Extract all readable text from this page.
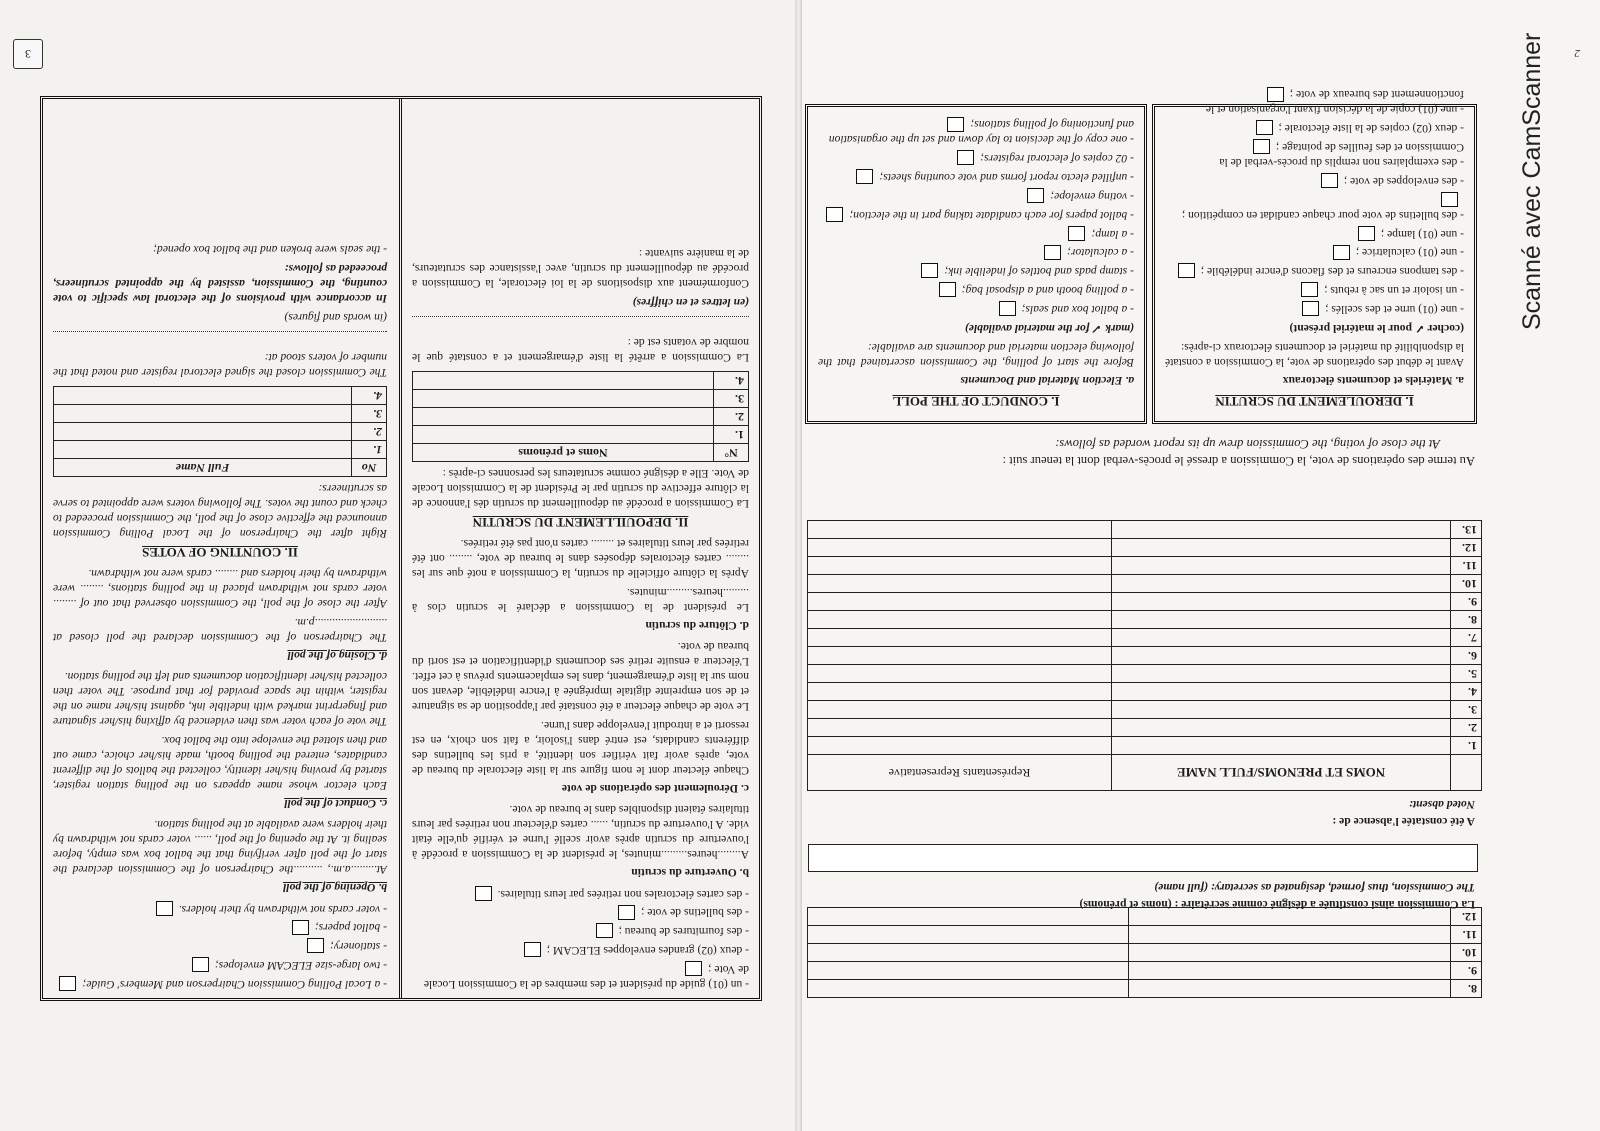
2
8.		
9.		
10.		
11.		
12.		
La Commission ainsi constituée a désigné comme secrétaire : (noms et prénoms)
The Commission, thus formed, designated as secretary: (full name)
A été constatée l'absence de :
Noted absent:
	NOMS ET PRENOMS/FULL NAME	Représentants Representative
1.		
2.		
3.		
4.		
5.		
6.		
7.		
8.		
9.		
10.		
11.		
12.		
13.		
Au terme des opérations de vote, la Commission a dressé le procès-verbal dont la teneur suit :
At the close of voting, the Commission drew up its report worded as follows:
I. DEROULEMENT DU SCRUTIN
a. Matériels et documents électoraux

Avant le début des opérations de vote, la Commission a constaté la disponibilité du matériel et documents électoraux ci-après:

(cocher ✓ pour le matériel présent)

- une (01) urne et des scellés ;
- un isoloir et un sac à rebuts ;
- des tampons encreurs et des flacons d'encre indélébile ;
- une (01) calculatrice ;
- une (01) lampe ;
- des bulletins de vote pour chaque candidat en compétition ;
- des enveloppes de vote ;
- des exemplaires non remplis du procès-verbal de la Commission et des feuilles de pointage ;
- deux (02) copies de la liste électorale ;
- une (01) copie de la décision fixant l'organisation et le fonctionnement des bureaux de vote ;
I. CONDUCT OF THE POLL
a. Election Material and Documents

Before the start of polling, the Commission ascertained that the following election material and documents are available:

(mark ✓ for the material available)

- a ballot box and seals;
- a polling booth and a disposal bag;
- stamp pads and bottles of indelible ink;
- a calculator;
- a lamp;
- ballot papers for each candidate taking part in the election;
- voting envelope;
- unfilled electo report forms and vote counting sheets;
- 02 copies of electoral registers;
- one copy of the decision to lay down and set up the organisation and functioning of polling stations;
3
- un (01) guide du président et des membres de la Commission Locale de Vote ;
- deux (02) grandes enveloppes ELECAM ;
- des fournitures de bureau ;
- des bulletins de vote ;
- des cartes électorales non retirées par leurs titulaires.
b. Ouverture du scrutin

A........heures.........minutes, le président de la Commission a procédé à l'ouverture du scrutin après avoir scellé l'urne et vérifié qu'elle était vide. A l'ouverture du scrutin, ...... cartes d'électeur non retirées par leurs titulaires étaient disponibles dans le bureau de vote.

c. Déroulement des opérations de vote

Chaque électeur dont le nom figure sur la liste électorale du bureau de vote, après avoir fait vérifier son identité, a pris les bulletins des différents candidats, est entré dans l'isoloir, a fait son choix, en est ressorti et a introduit l'enveloppe dans l'urne.

Le vote de chaque électeur a été constaté par l'apposition de sa signature et de son empreinte digitale imprégnée à l'encre indélébile, devant son nom sur la liste d'émargement, dans les emplacements prévus à cet effet. L'électeur a ensuite retiré ses documents d'identification et est sorti du bureau de vote.

d. Clôture du scrutin

Le président de la Commission a déclaré le scrutin clos à .........heures.........minutes.

Après la clôture officielle du scrutin, la Commission a noté que sur les ........ cartes électorales déposées dans le bureau de vote, ........ ont été retirées par leurs titulaires et ........ cartes n'ont pas été retirées.

II. DEPOUILLEMENT DU SCRUTIN

La Commission a procédé au dépouillement du scrutin dès l'annonce de la clôture effective du scrutin par le Président de la Commission Locale de Vote. Elle a désigné comme scrutateurs les personnes ci-après :

N°	Noms et prénoms
1.	
2.	
3.	
4.	

La Commission a arrêté la liste d'émargement et a constaté que le nombre de votants est de :

(en lettres et en chiffres)

Conformément aux dispositions de la loi électorale, la Commission a procédé au dépouillement du scrutin, avec l'assistance des scrutateurs, de la manière suivante :

- a Local Polling Commission Chairperson and Members' Guide;
- two large-size ELECAM envelopes;
- stationery;
- ballot papers;
- voter cards not withdrawn by their holders.
b. Opening of the poll

At.........a.m., ..........the Chairperson of the Commission declared the start of the poll after verifying that the ballot box was empty, before sealing it. At the opening of the poll, ...... voter cards not withdrawn by their holders were available at the polling station.

c. Conduct of the poll

Each elector whose name appears on the polling station register, started by proving his/her identity, collected the ballots of the different candidates, entered the polling booth, made his/her choice, came out and then slotted the envelope into the ballot box.

The vote of each voter was then evidenced by affixing his/her signature and fingerprint marked with indelible ink, against his/her name on the register, within the space provided for that purpose. The voter then collected his/her identification documents and left the polling station.

d. Closing of the poll

The Chairperson of the Commission declared the poll closed at .........................p.m.

After the close of the poll, the Commission observed that out of ........ voter cards not withdrawn placed in the polling stations, ........ were withdrawn by their holders and ........ cards were not withdrawn.

II. COUNTING OF VOTES

Right after the Chairperson of the Local Polling Commission announced the effective close of the poll, the Commission proceeded to check and count the votes. The following voters were appointed to serve as scrutineers:

No	Full Name
1.	
2.	
3.	
4.	

The Commission closed the signed electoral register and noted that the number of voters stood at:

(in words and figures)

In accordance with provisions of the electoral law specific to vote counting, the Commission, assisted by the appointed scrutineers, proceeded as follows:

- the seals were broken and the ballot box opened;	Scanné avec CamScanner
